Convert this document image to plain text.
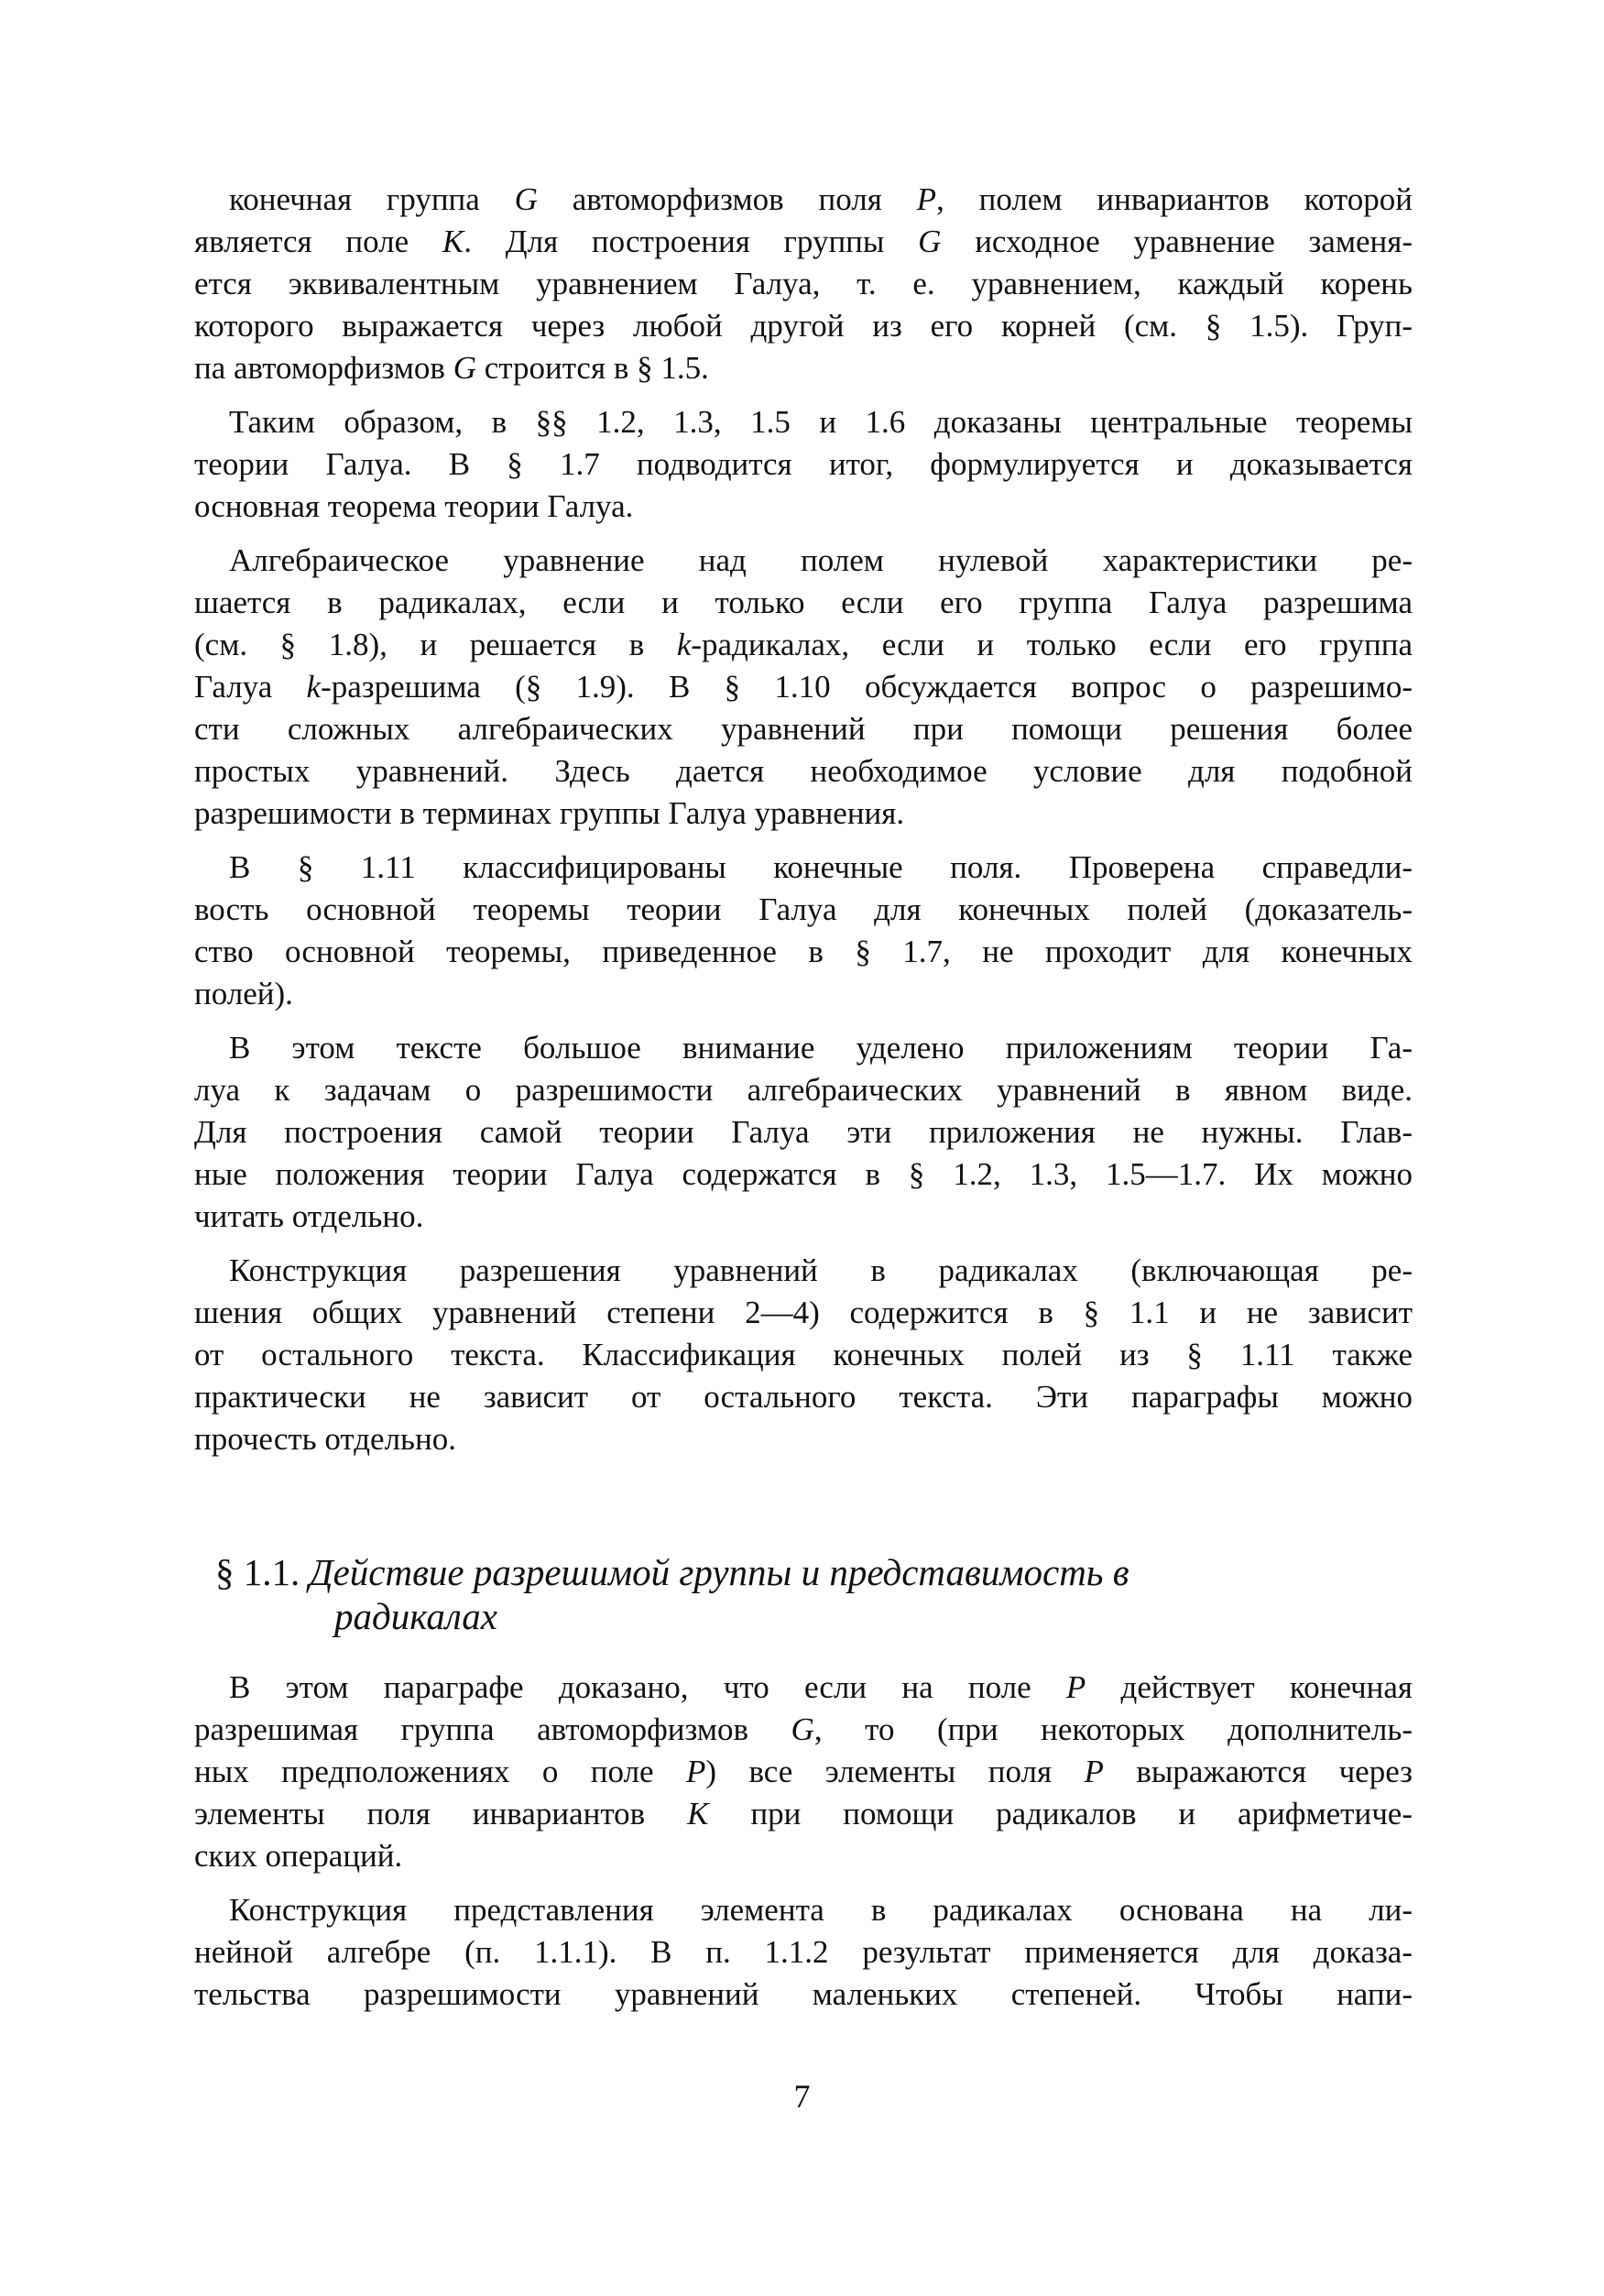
конечная группа G автоморфизмов поля P, полем инвариантов которой
является поле K. Для построения группы G исходное уравнение заменя-
ется эквивалентным уравнением Галуа, т. е. уравнением, каждый корень
которого выражается через любой другой из его корней (см. § 1.5). Груп-
па автоморфизмов G строится в § 1.5.
Таким образом, в §§ 1.2, 1.3, 1.5 и 1.6 доказаны центральные теоремы
теории Галуа. В § 1.7 подводится итог, формулируется и доказывается
основная теорема теории Галуа.
Алгебраическое уравнение над полем нулевой характеристики ре-
шается в радикалах, если и только если его группа Галуа разрешима
(см. § 1.8), и решается в k-радикалах, если и только если его группа
Галуа k-разрешима (§ 1.9). В § 1.10 обсуждается вопрос о разрешимо-
сти сложных алгебраических уравнений при помощи решения более
простых уравнений. Здесь дается необходимое условие для подобной
разрешимости в терминах группы Галуа уравнения.
В § 1.11 классифицированы конечные поля. Проверена справедли-
вость основной теоремы теории Галуа для конечных полей (доказатель-
ство основной теоремы, приведенное в § 1.7, не проходит для конечных
полей).
В этом тексте большое внимание уделено приложениям теории Га-
луа к задачам о разрешимости алгебраических уравнений в явном виде.
Для построения самой теории Галуа эти приложения не нужны. Глав-
ные положения теории Галуа содержатся в § 1.2, 1.3, 1.5—1.7. Их можно
читать отдельно.
Конструкция разрешения уравнений в радикалах (включающая ре-
шения общих уравнений степени 2—4) содержится в § 1.1 и не зависит
от остального текста. Классификация конечных полей из § 1.11 также
практически не зависит от остального текста. Эти параграфы можно
прочесть отдельно.
§ 1.1. Действие разрешимой группы и представимость в
радикалах
В этом параграфе доказано, что если на поле P действует конечная
разрешимая группа автоморфизмов G, то (при некоторых дополнитель-
ных предположениях о поле P) все элементы поля P выражаются через
элементы поля инвариантов K при помощи радикалов и арифметиче-
ских операций.
Конструкция представления элемента в радикалах основана на ли-
нейной алгебре (п. 1.1.1). В п. 1.1.2 результат применяется для доказа-
тельства разрешимости уравнений маленьких степеней. Чтобы напи-
7
